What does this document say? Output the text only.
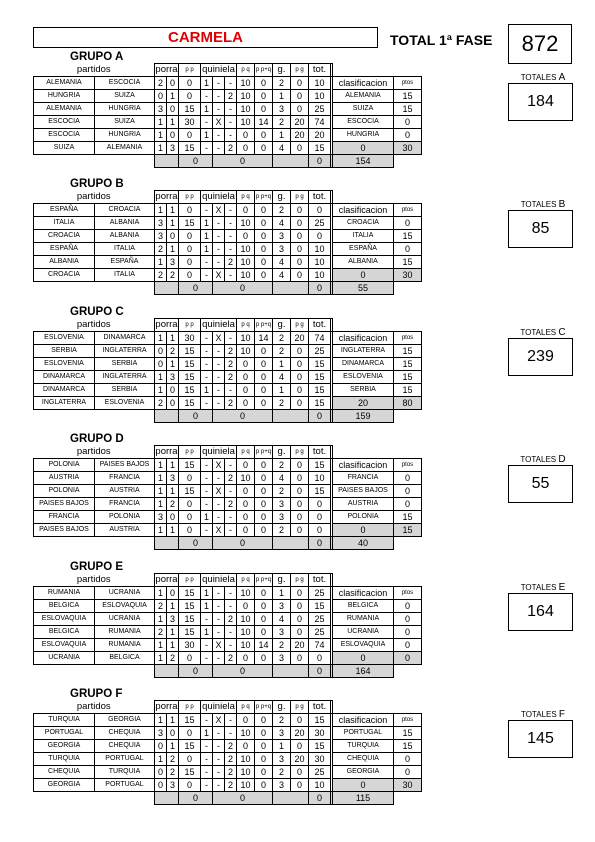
CARMELA	TOTAL 1ª FASE	872
GRUPO A
partidos		porra		p p	quiniela			p q	p p+q	g.	p g	tot.			
ALEMANIA	ESCOCIA	2	0	0	1	-	-	10	0	2	0	10		clasificacion	ptos
HUNGRIA	SUIZA	0	1	0	-	-	2	10	0	1	0	10		ALEMANIA	15
ALEMANIA	HUNGRIA	3	0	15	1	-	-	10	0	3	0	25		SUIZA	15
ESCOCIA	SUIZA	1	1	30	-	X	-	10	14	2	20	74		ESCOCIA	0
ESCOCIA	HUNGRIA	1	0	0	1	-	-	0	0	1	20	20		HUNGRIA	0
SUIZA	ALEMANIA	1	3	15	-	-	2	0	0	4	0	15		0	30
				0		0						0		154	
TOTALES A
184
GRUPO B
partidos		porra		p p	quiniela			p q	p p+q	g.	p g	tot.			
ESPAÑA	CROACIA	1	1	0	-	X	-	0	0	2	0	0		clasificacion	ptos
ITALIA	ALBANIA	3	1	15	1	-	-	10	0	4	0	25		CROACIA	0
CROACIA	ALBANIA	3	0	0	1	-	-	0	0	3	0	0		ITALIA	15
ESPAÑA	ITALIA	2	1	0	1	-	-	10	0	3	0	10		ESPAÑA	0
ALBANIA	ESPAÑA	1	3	0	-	-	2	10	0	4	0	10		ALBANIA	15
CROACIA	ITALIA	2	2	0	-	X	-	10	0	4	0	10		0	30
				0		0						0		55	
TOTALES B
85
GRUPO C
partidos		porra		p p	quiniela			p q	p p+q	g.	p g	tot.			
ESLOVENIA	DINAMARCA	1	1	30	-	X	-	10	14	2	20	74		clasificacion	ptos
SERBIA	INGLATERRA	0	2	15	-	-	2	10	0	2	0	25		INGLATERRA	15
ESLOVENIA	SERBIA	0	1	15	-	-	2	0	0	1	0	15		DINAMARCA	15
DINAMARCA	INGLATERRA	1	3	15	-	-	2	0	0	4	0	15		ESLOVENIA	15
DINAMARCA	SERBIA	1	0	15	1	-	-	0	0	1	0	15		SERBIA	15
INGLATERRA	ESLOVENIA	2	0	15	-	-	2	0	0	2	0	15		20	80
				0		0						0		159	
TOTALES C
239
GRUPO D
partidos		porra		p p	quiniela			p q	p p+q	g.	p g	tot.			
POLONIA	PAISES BAJOS	1	1	15	-	X	-	0	0	2	0	15		clasificacion	ptos
AUSTRIA	FRANCIA	1	3	0	-	-	2	10	0	4	0	10		FRANCIA	0
POLONIA	AUSTRIA	1	1	15	-	X	-	0	0	2	0	15		PAISES BAJOS	0
PAISES BAJOS	FRANCIA	1	2	0	-	-	2	0	0	3	0	0		AUSTRIA	0
FRANCIA	POLONIA	3	0	0	1	-	-	0	0	3	0	0		POLONIA	15
PAISES BAJOS	AUSTRIA	1	1	0	-	X	-	0	0	2	0	0		0	15
				0		0						0		40	
TOTALES D
55
GRUPO E
partidos		porra		p p	quiniela			p q	p p+q	g.	p g	tot.			
RUMANIA	UCRANIA	1	0	15	1	-	-	10	0	1	0	25		clasificacion	ptos
BELGICA	ESLOVAQUIA	2	1	15	1	-	-	0	0	3	0	15		BELGICA	0
ESLOVAQUIA	UCRANIA	1	3	15	-	-	2	10	0	4	0	25		RUMANIA	0
BELGICA	RUMANIA	2	1	15	1	-	-	10	0	3	0	25		UCRANIA	0
ESLOVAQUIA	RUMANIA	1	1	30	-	X	-	10	14	2	20	74		ESLOVAQUIA	0
UCRANIA	BELGICA	1	2	0	-	-	2	0	0	3	0	0		0	0
				0		0						0		164	
TOTALES E
164
GRUPO F
partidos		porra		p p	quiniela			p q	p p+q	g.	p g	tot.			
TURQUIA	GEORGIA	1	1	15	-	X	-	0	0	2	0	15		clasificacion	ptos
PORTUGAL	CHEQUIA	3	0	0	1	-	-	10	0	3	20	30		PORTUGAL	15
GEORGIA	CHEQUIA	0	1	15	-	-	2	0	0	1	0	15		TURQUIA	15
TURQUIA	PORTUGAL	1	2	0	-	-	2	10	0	3	20	30		CHEQUIA	0
CHEQUIA	TURQUIA	0	2	15	-	-	2	10	0	2	0	25		GEORGIA	0
GEORGIA	PORTUGAL	0	3	0	-	-	2	10	0	3	0	10		0	30
				0		0						0		115	
TOTALES F
145
